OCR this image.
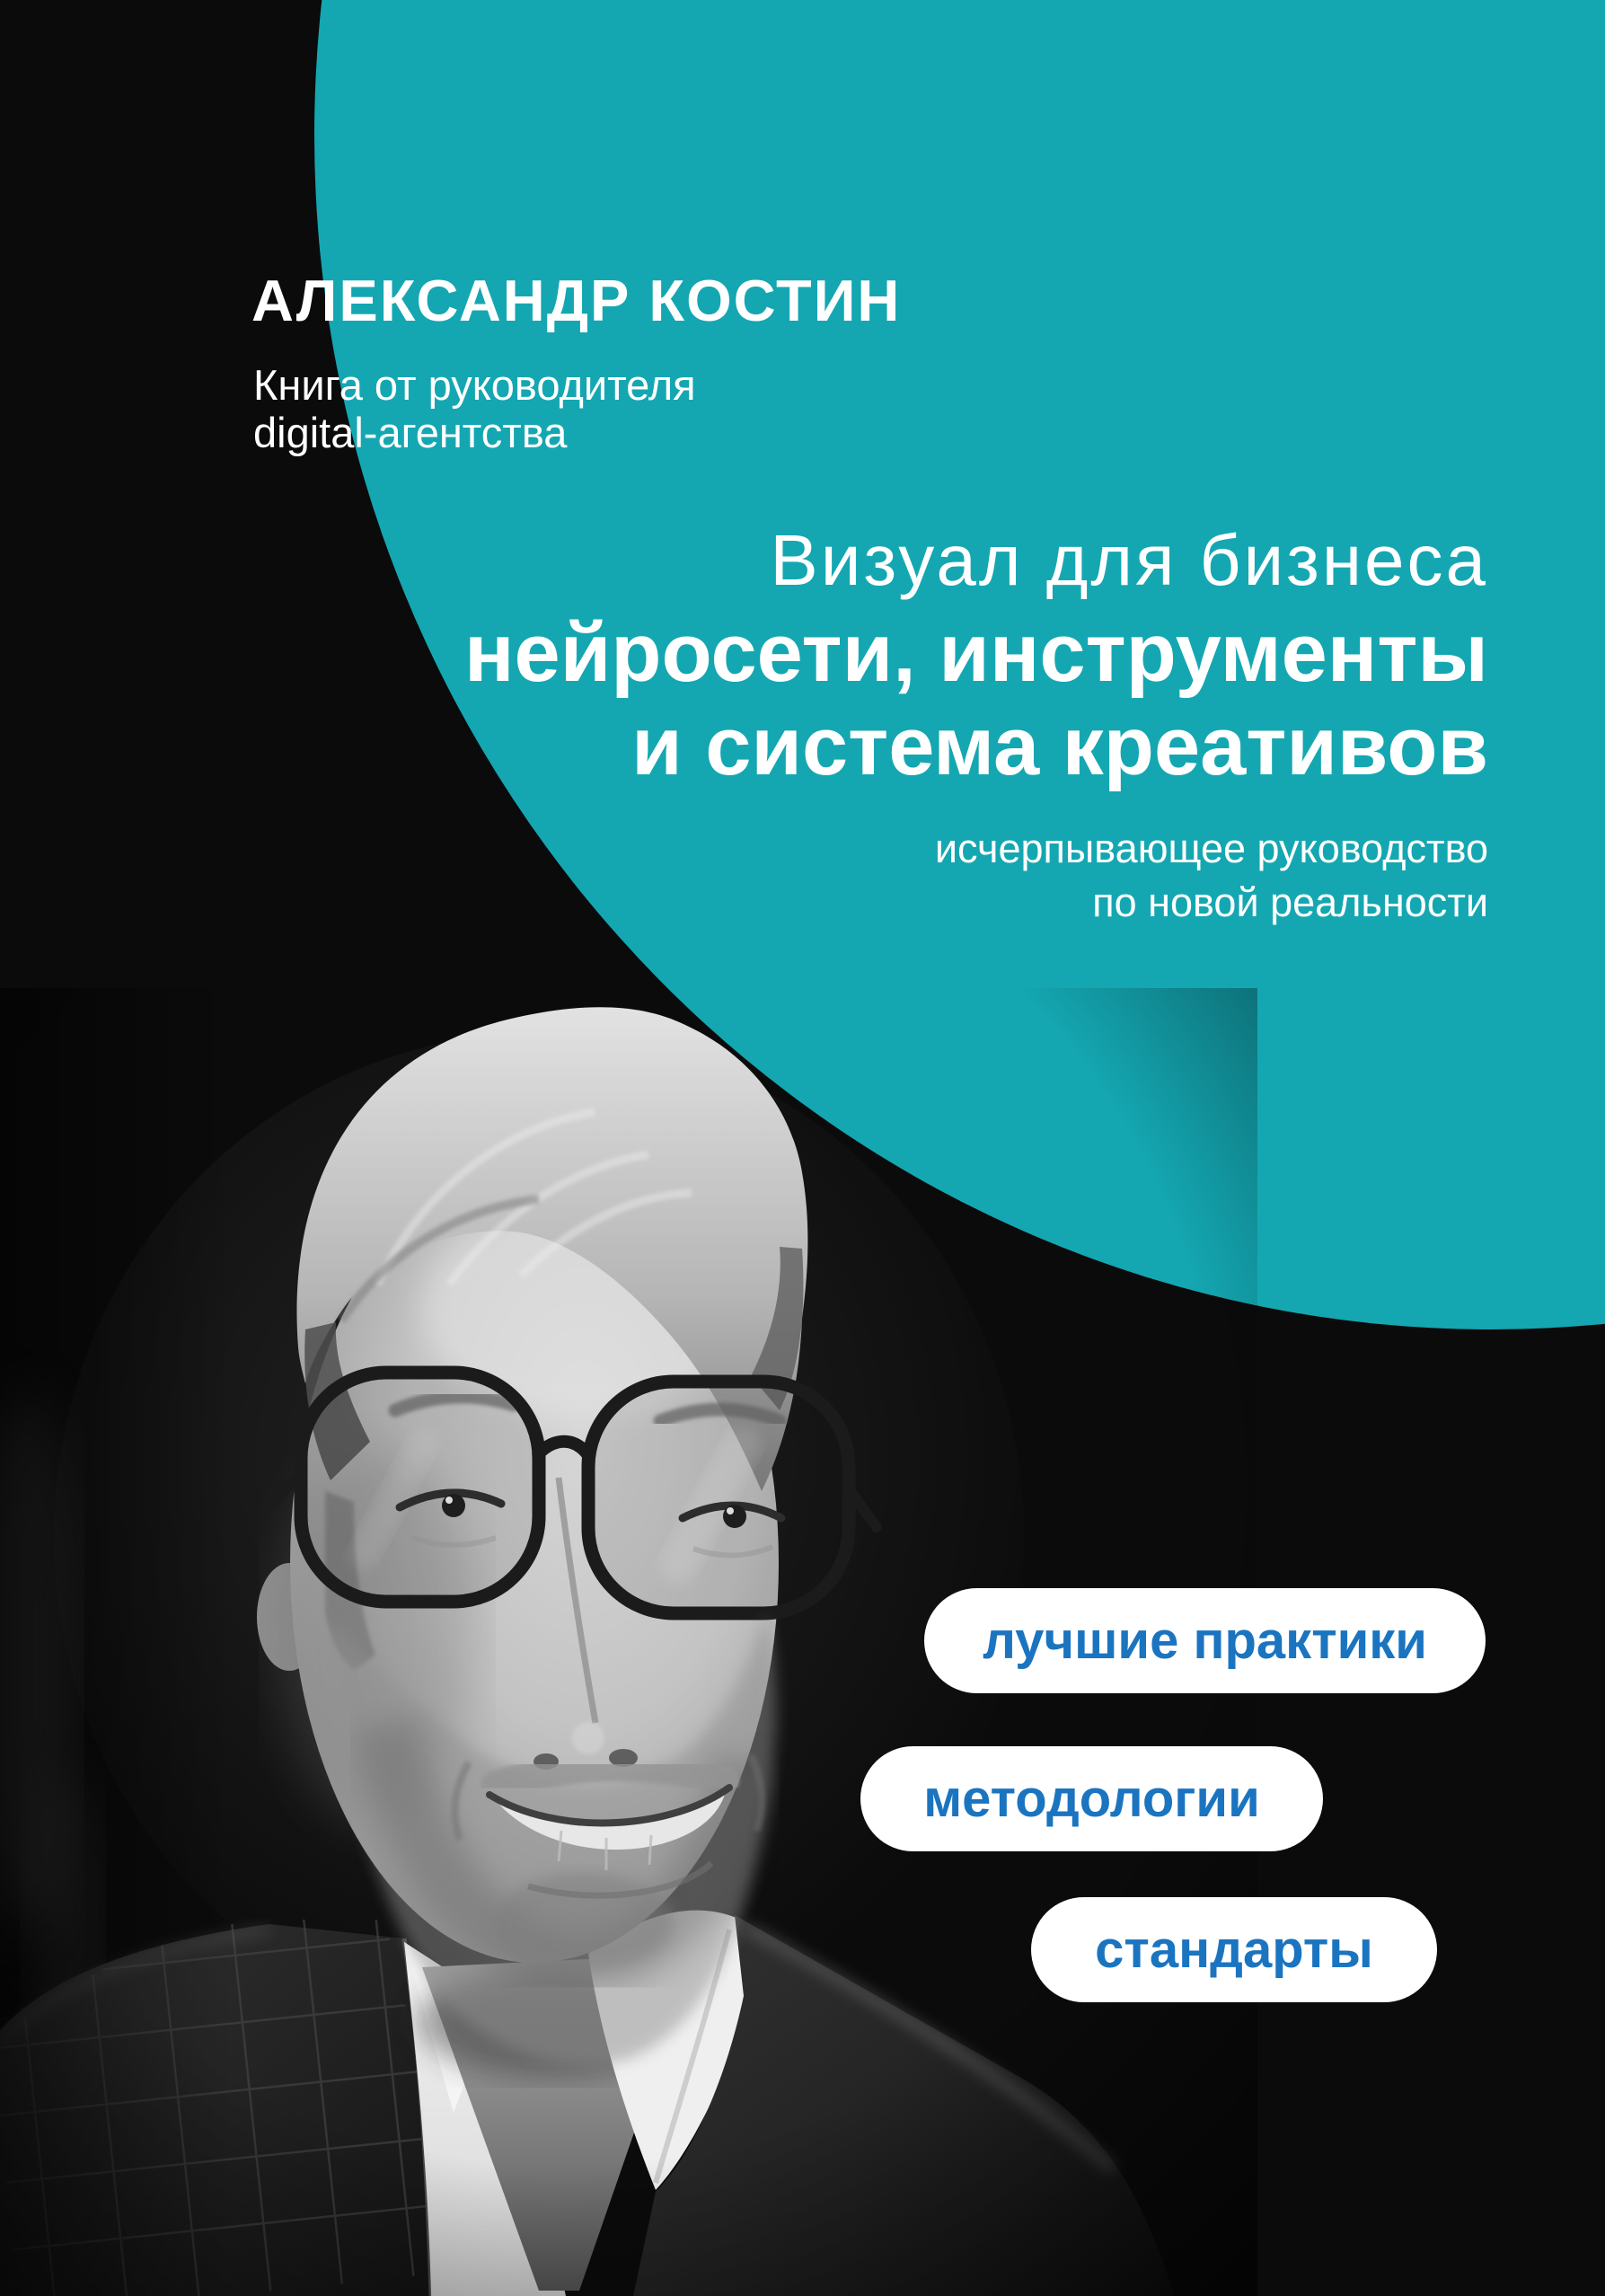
АЛЕКСАНДР КОСТИН
Книга от руководителя
digital-агентства
Визуал для бизнеса
нейросети, инструменты
и система креативов
исчерпывающее руководство
по новой реальности
лучшие практики
методологии
стандарты
